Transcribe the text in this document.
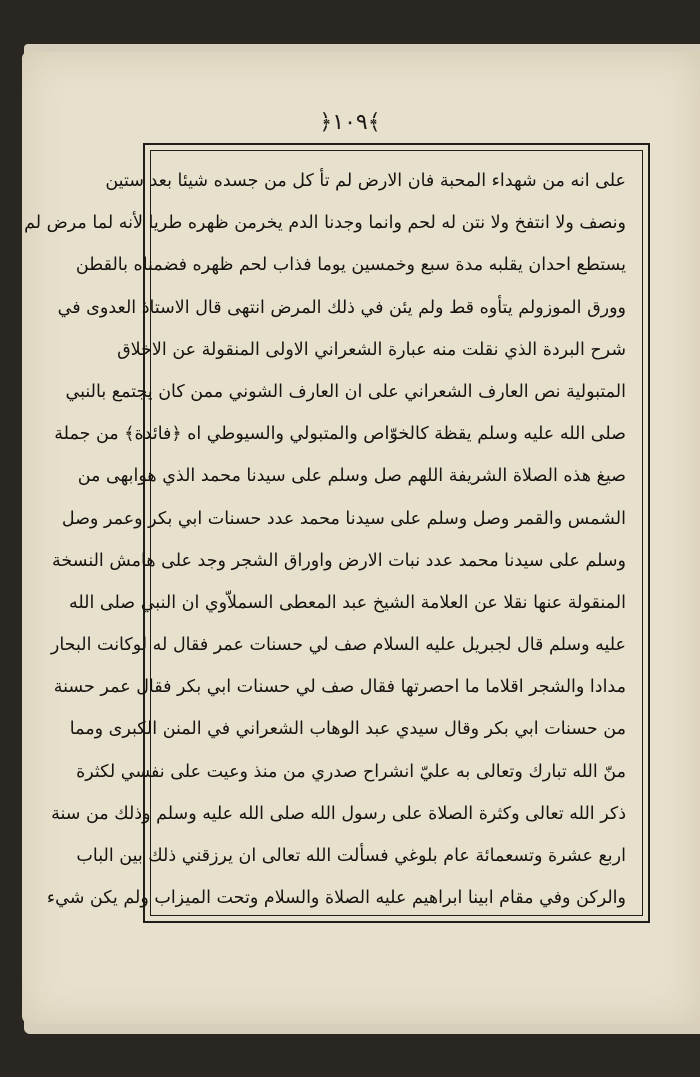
﴿١٠٩﴾
على انه من شهداء المحبة فان الارض لم تأ كل من جسده شيئا بعد ستين
ونصف ولا انتفخ ولا نتن له لحم وانما وجدنا الدم يخرمن ظهره طريا لأنه لما مرض لم
يستطع احدان يقلبه مدة سبع وخمسين يوما فذاب لحم ظهره فضمناه بالقطن
وورق الموزولم يتأوه قط ولم يئن في ذلك المرض انتهى قال الاستاذ العدوى في
شرح البردة الذي نقلت منه عبارة الشعراني الاولى المنقولة عن الاخلاق
المتبولية نص العارف الشعراني على ان العارف الشوني ممن كان يجتمع بالنبي
صلى الله عليه وسلم يقظة كالخوّاص والمتبولي والسيوطي اه ﴿فائدة﴾ من جملة
صيغ هذه الصلاة الشريفة اللهم صل وسلم على سيدنا محمد الذي هوابهى من
الشمس والقمر وصل وسلم على سيدنا محمد عدد حسنات ابي بكر وعمر وصل
وسلم على سيدنا محمد عدد نبات الارض واوراق الشجر وجد على هامش النسخة
المنقولة عنها نقلا عن العلامة الشيخ عبد المعطى السملاّوي ان النبي صلى الله
عليه وسلم قال لجبريل عليه السلام صف لي حسنات عمر فقال له لوكانت البحار
مدادا والشجر اقلاما ما احصرتها فقال صف لي حسنات ابي بكر فقال عمر حسنة
من حسنات ابي بكر وقال سيدي عبد الوهاب الشعراني في المنن الكبرى ومما
منّ الله تبارك وتعالى به عليّ انشراح صدري من منذ وعيت على نفسي لكثرة
ذكر الله تعالى وكثرة الصلاة على رسول الله صلى الله عليه وسلم وذلك من سنة
اربع عشرة وتسعمائة عام بلوغي فسألت الله تعالى ان يرزقني ذلك بين الباب
والركن وفي مقام ابينا ابراهيم عليه الصلاة والسلام وتحت الميزاب ولم يكن شيء
